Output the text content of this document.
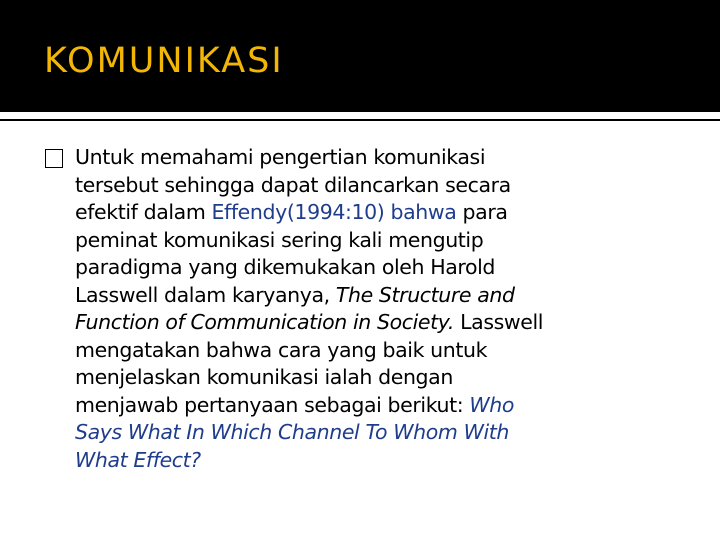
KOMUNIKASI
Untuk memahami pengertian komunikasi
tersebut sehingga dapat dilancarkan secara
efektif dalam Effendy(1994:10) bahwa para
peminat komunikasi sering kali mengutip
paradigma yang dikemukakan oleh Harold
Lasswell dalam karyanya, The Structure and
Function of Communication in Society. Lasswell
mengatakan bahwa cara yang baik untuk
menjelaskan komunikasi ialah dengan
menjawab pertanyaan sebagai berikut: Who
Says What In Which Channel To Whom With
What Effect?
